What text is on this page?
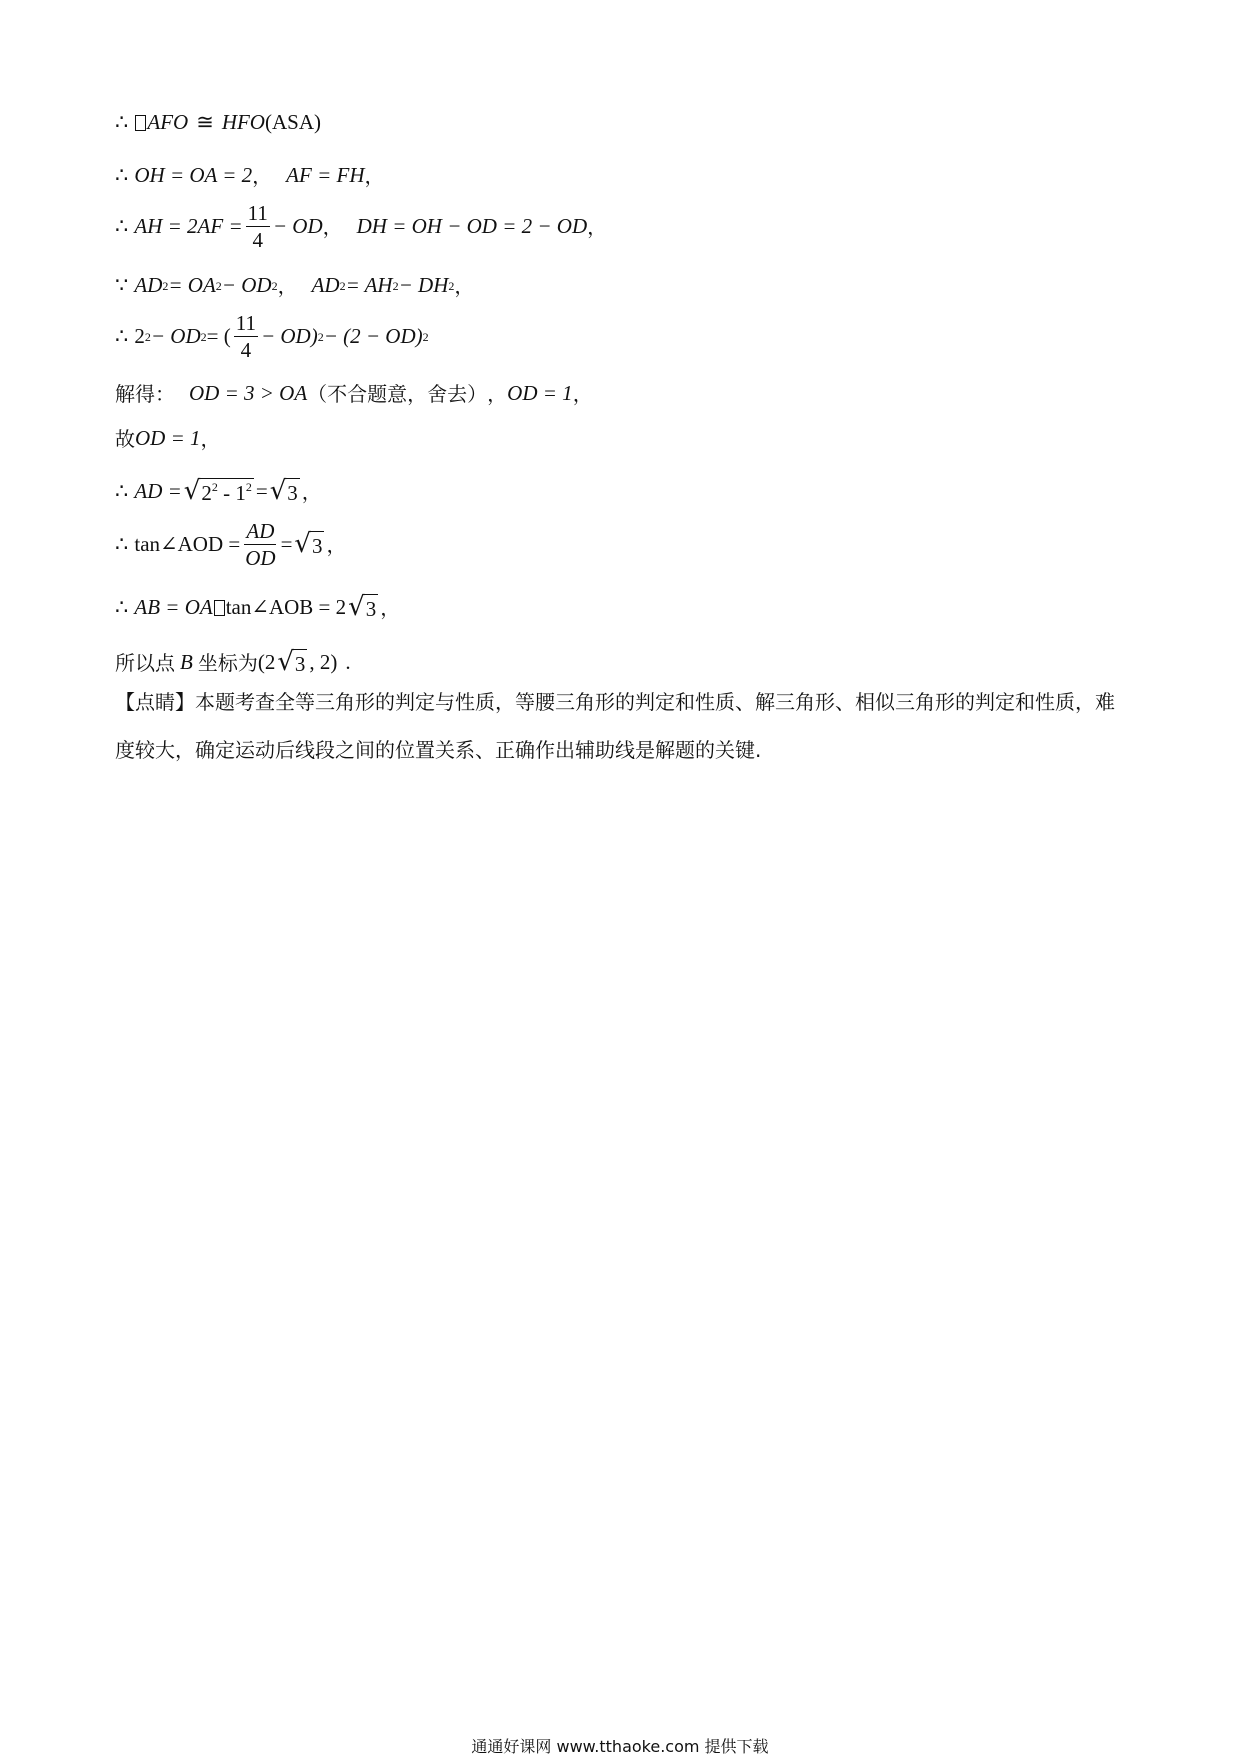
∴ AFO ≅ HFO (ASA)
∴ OH = OA = 2 ， AF = FH ，
∴ AH = $2AF = \frac{11}{4}$ − OD ， DH = OH − OD = 2 − OD ，
∵ AD 2 = OA 2 − OD 2 ， AD 2 = AH 2 − DH 2 ，
∴ 2 2 − OD 2 = ( $\frac{11}{4} - OD$) 2 − (2 − OD) 2
解得： OD = 3 > OA （不合题意，舍去） ， OD = 1 ，
故 OD = 1 ，
∴ AD = √ $2^2 - 1^2$ = √ 3 ，
∴ tan∠AOD = $\frac{AD}{OD}$ = √ 3 ，
∴ AB = OA tan∠AOB = 2 √ 3 ，
所以点 B 坐标为 (2 √ 3 , 2) .
【点睛】本题考查全等三角形的判定与性质，等腰三角形的判定和性质、解三角形、相似三角形的判定和性质，难度较大，确定运动后线段之间的位置关系、正确作出辅助线是解题的关键.
通通好课网 www.tthaoke.com 提供下载
